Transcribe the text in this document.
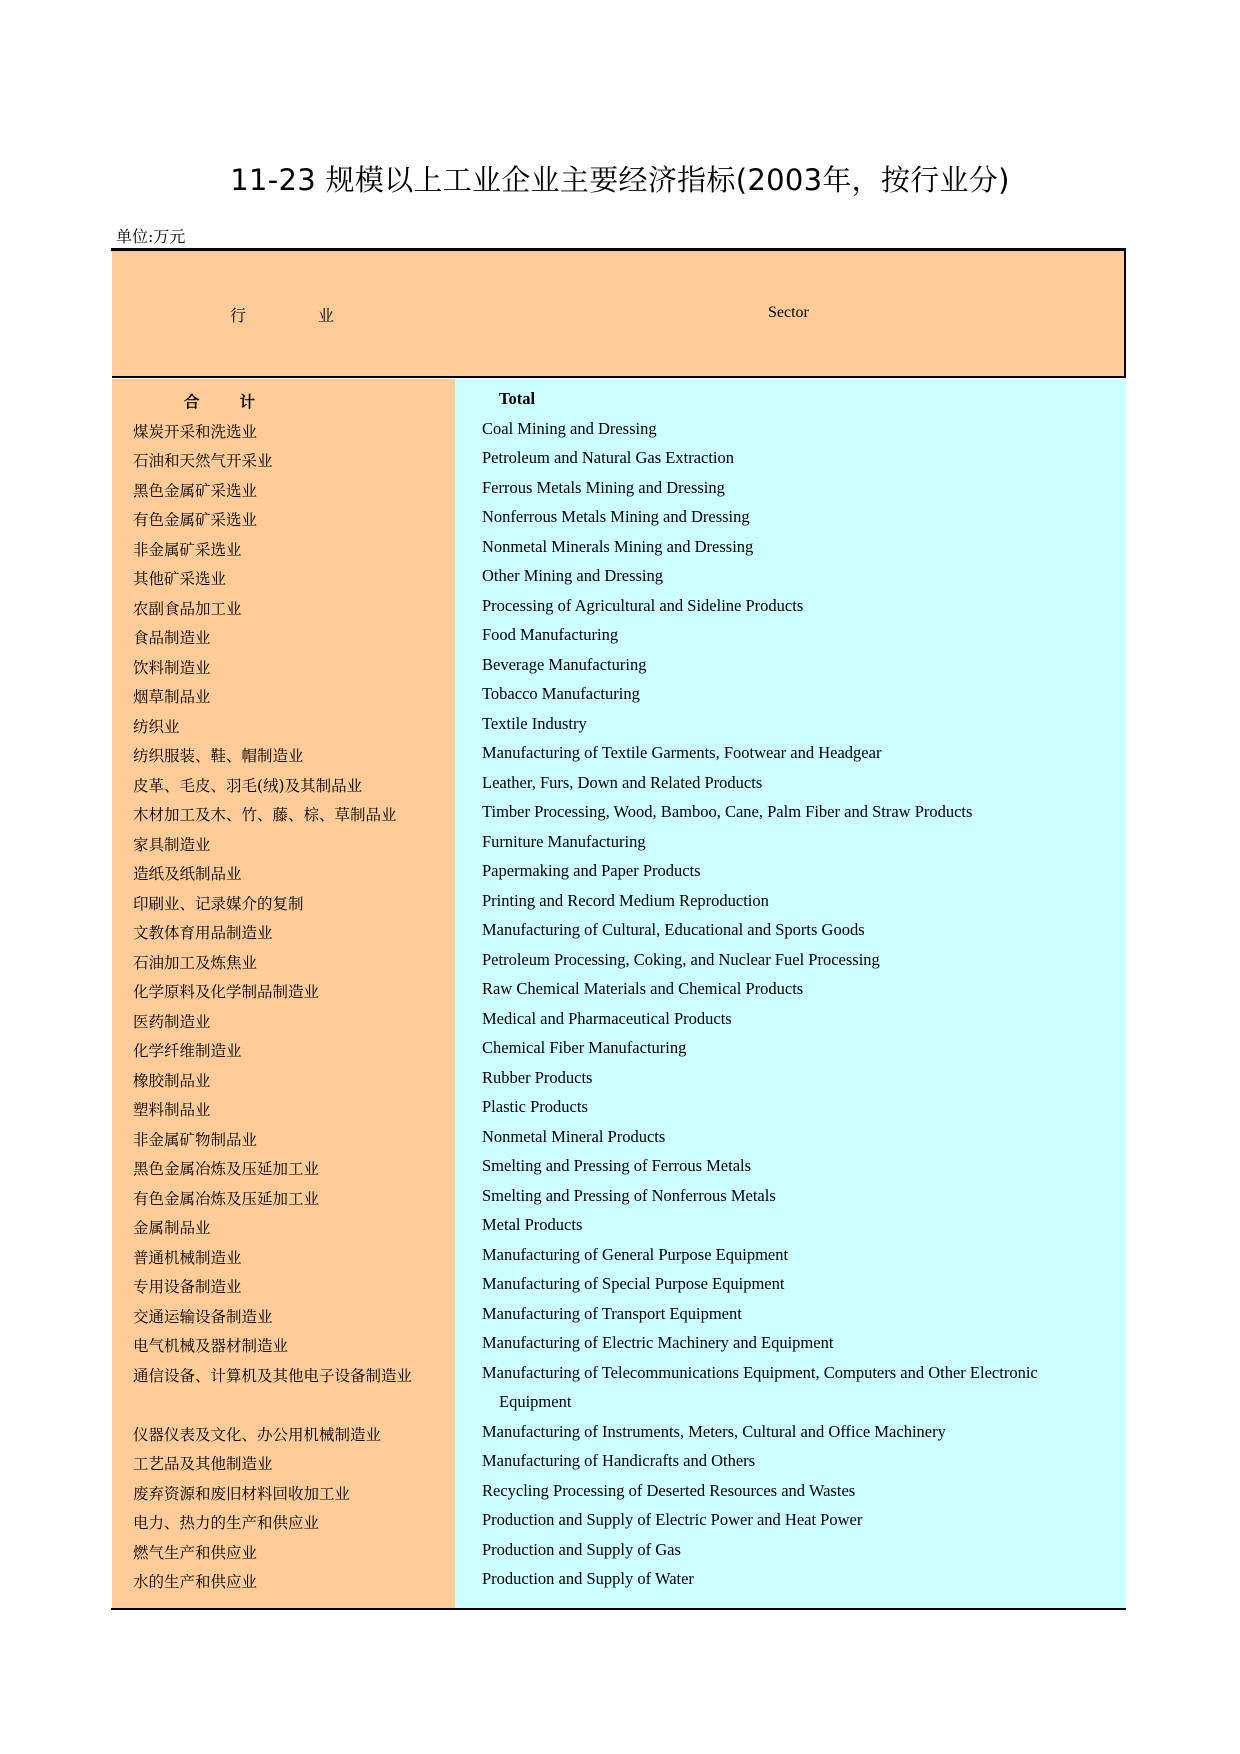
11-23 规模以上工业企业主要经济指标(2003年，按行业分)
单位:万元
行业	Sector
合计	Total
煤炭开采和洗选业	Coal Mining and Dressing
石油和天然气开采业	Petroleum and Natural Gas Extraction
黑色金属矿采选业	Ferrous Metals Mining and Dressing
有色金属矿采选业	Nonferrous Metals Mining and Dressing
非金属矿采选业	Nonmetal Minerals Mining and Dressing
其他矿采选业	Other Mining and Dressing
农副食品加工业	Processing of Agricultural and Sideline Products
食品制造业	Food Manufacturing
饮料制造业	Beverage Manufacturing
烟草制品业	Tobacco Manufacturing
纺织业	Textile Industry
纺织服装、鞋、帽制造业	Manufacturing of Textile Garments, Footwear and Headgear
皮革、毛皮、羽毛(绒)及其制品业	Leather, Furs, Down and Related Products
木材加工及木、竹、藤、棕、草制品业	Timber Processing, Wood, Bamboo, Cane, Palm Fiber and Straw Products
家具制造业	Furniture Manufacturing
造纸及纸制品业	Papermaking and Paper Products
印刷业、记录媒介的复制	Printing and Record Medium Reproduction
文教体育用品制造业	Manufacturing of Cultural, Educational and Sports Goods
石油加工及炼焦业	Petroleum Processing, Coking, and Nuclear Fuel Processing
化学原料及化学制品制造业	Raw Chemical Materials and Chemical Products
医药制造业	Medical and Pharmaceutical Products
化学纤维制造业	Chemical Fiber Manufacturing
橡胶制品业	Rubber Products
塑料制品业	Plastic Products
非金属矿物制品业	Nonmetal Mineral Products
黑色金属冶炼及压延加工业	Smelting and Pressing of Ferrous Metals
有色金属冶炼及压延加工业	Smelting and Pressing of Nonferrous Metals
金属制品业	Metal Products
普通机械制造业	Manufacturing of General Purpose Equipment
专用设备制造业	Manufacturing of Special Purpose Equipment
交通运输设备制造业	Manufacturing of Transport Equipment
电气机械及器材制造业	Manufacturing of Electric Machinery and Equipment
通信设备、计算机及其他电子设备制造业	Manufacturing of Telecommunications Equipment, Computers and Other Electronic
Equipment
仪器仪表及文化、办公用机械制造业	Manufacturing of Instruments, Meters, Cultural and Office Machinery
工艺品及其他制造业	Manufacturing of Handicrafts and Others
废弃资源和废旧材料回收加工业	Recycling Processing of Deserted Resources and Wastes
电力、热力的生产和供应业	Production and Supply of Electric Power and Heat Power
燃气生产和供应业	Production and Supply of Gas
水的生产和供应业	Production and Supply of Water
